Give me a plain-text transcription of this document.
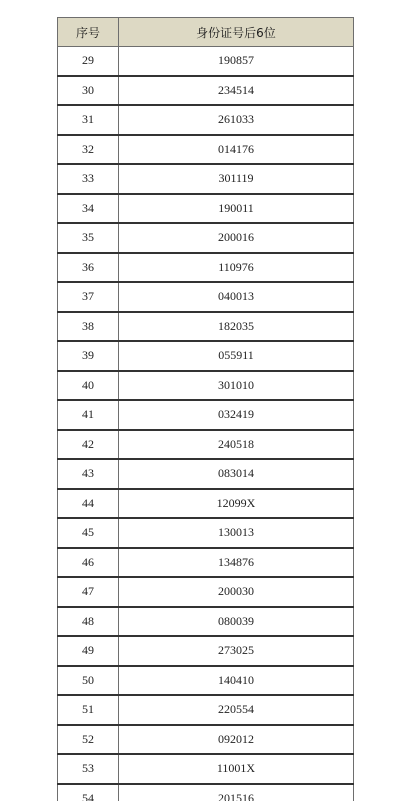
序号	身份证号后6位
29	190857
30	234514
31	261033
32	014176
33	301119
34	190011
35	200016
36	110976
37	040013
38	182035
39	055911
40	301010
41	032419
42	240518
43	083014
44	12099X
45	130013
46	134876
47	200030
48	080039
49	273025
50	140410
51	220554
52	092012
53	11001X
54	201516
